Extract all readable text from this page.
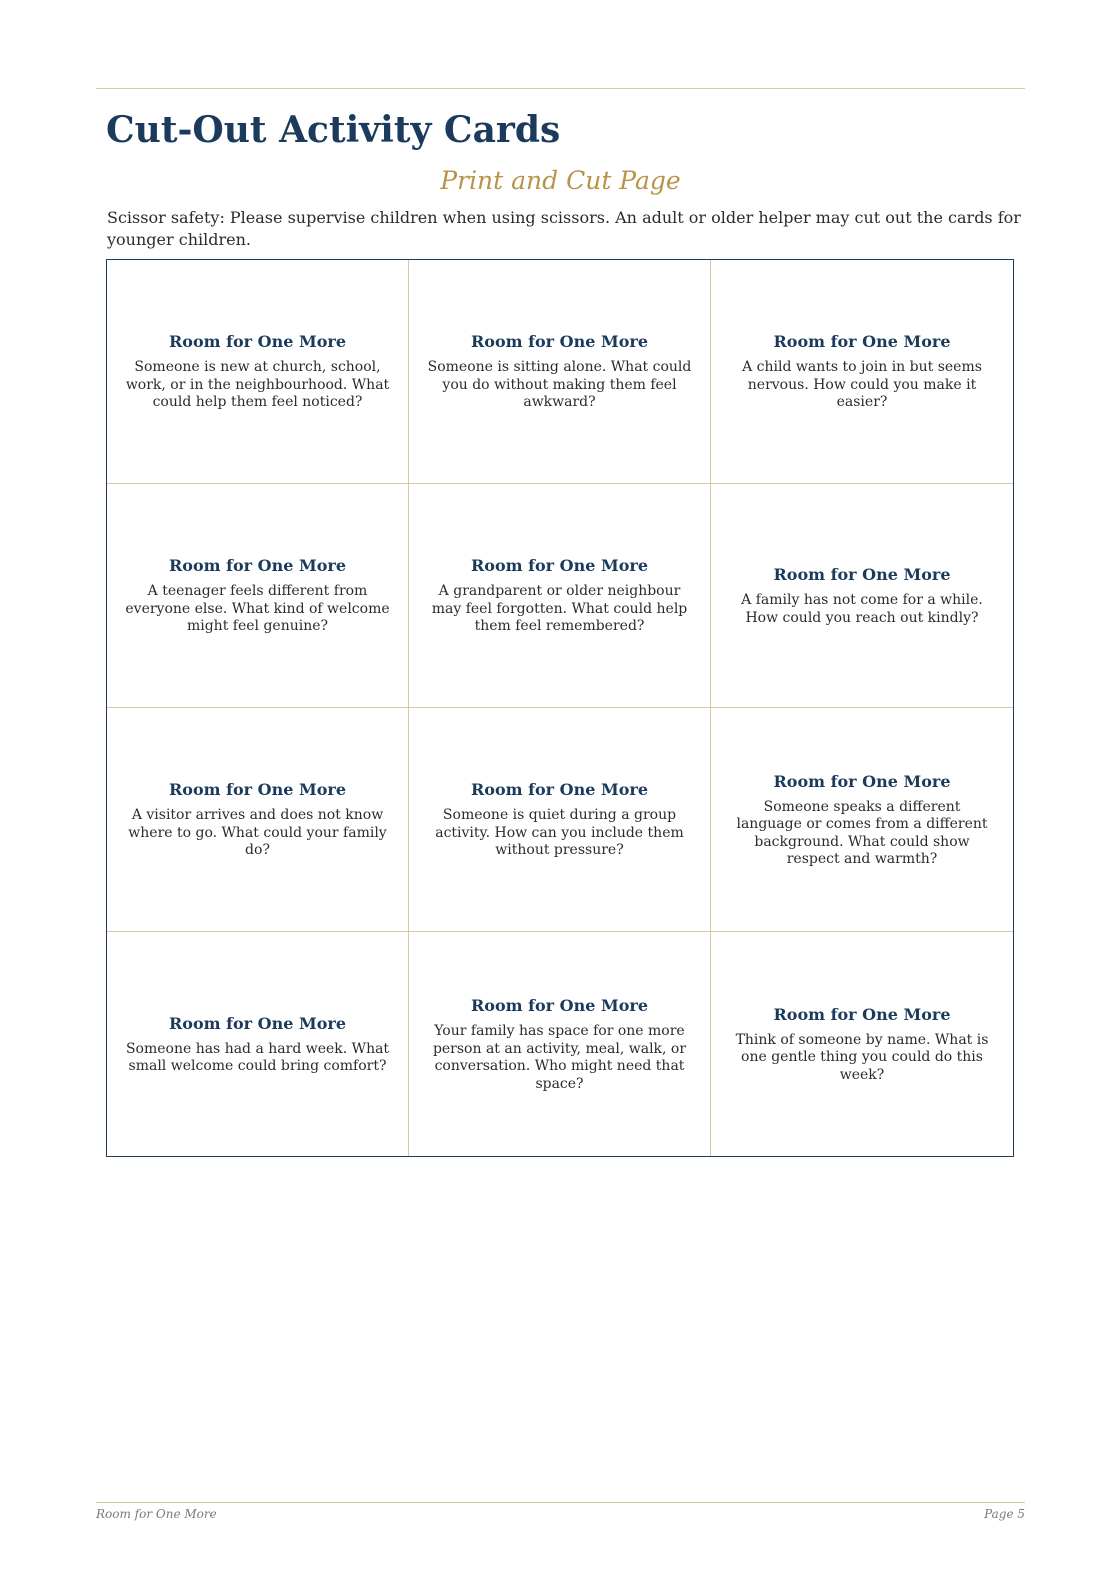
Cut-Out Activity Cards
Print and Cut Page

Scissor safety: Please supervise children when using scissors. An adult or older helper may cut out the cards for younger children.

Room for One More
Someone is new at church, school, work, or in the neighbourhood. What could help them feel noticed?
Room for One More
Someone is sitting alone. What could you do without making them feel awkward?
Room for One More
A child wants to join in but seems nervous. How could you make it easier?
Room for One More
A teenager feels different from everyone else. What kind of welcome might feel genuine?
Room for One More
A grandparent or older neighbour may feel forgotten. What could help them feel remembered?
Room for One More
A family has not come for a while. How could you reach out kindly?
Room for One More
A visitor arrives and does not know where to go. What could your family do?
Room for One More
Someone is quiet during a group activity. How can you include them without pressure?
Room for One More
Someone speaks a different language or comes from a different background. What could show respect and warmth?
Room for One More
Someone has had a hard week. What small welcome could bring comfort?
Room for One More
Your family has space for one more person at an activity, meal, walk, or conversation. Who might need that space?
Room for One More
Think of someone by name. What is one gentle thing you could do this week?
Room for One More	Page 5
